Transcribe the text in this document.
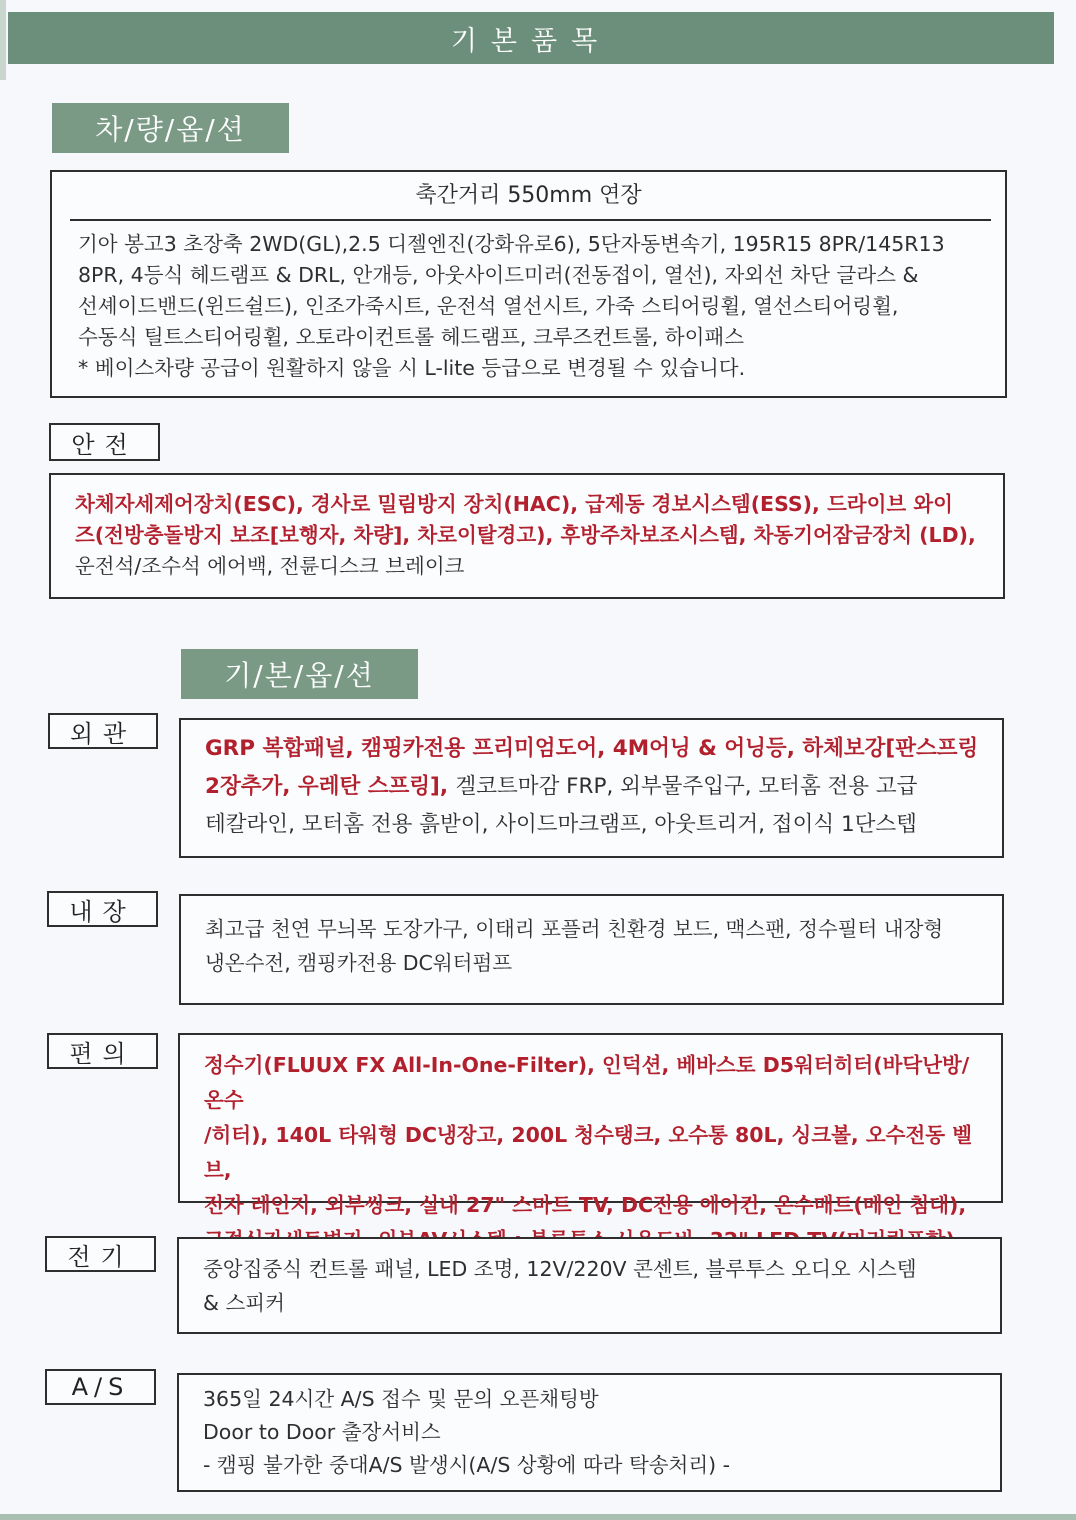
기본품목
차/량/옵/션
축간거리 550mm 연장
기아 봉고3 초장축 2WD(GL),2.5 디젤엔진(강화유로6), 5단자동변속기, 195R15 8PR/145R13
8PR, 4등식 헤드램프 & DRL, 안개등, 아웃사이드미러(전동접이, 열선), 자외선 차단 글라스 &
선셰이드밴드(윈드쉴드), 인조가죽시트, 운전석 열선시트, 가죽 스티어링휠, 열선스티어링휠,
수동식 틸트스티어링휠, 오토라이컨트롤 헤드램프, 크루즈컨트롤, 하이패스
* 베이스차량 공급이 원활하지 않을 시 L-lite 등급으로 변경될 수 있습니다.
안전
차체자세제어장치(ESC), 경사로 밀림방지 장치(HAC), 급제동 경보시스템(ESS), 드라이브 와이
즈(전방충돌방지 보조[보행자, 차량], 차로이탈경고), 후방주차보조시스템, 차동기어잠금장치 (LD),
운전석/조수석 에어백, 전륜디스크 브레이크
기/본/옵/션
외관
GRP 복합패널, 캠핑카전용 프리미엄도어, 4M어닝 & 어닝등, 하체보강[판스프링
2장추가, 우레탄 스프링], 겔코트마감 FRP, 외부물주입구, 모터홈 전용 고급
테칼라인, 모터홈 전용 흙받이, 사이드마크램프, 아웃트리거, 접이식 1단스텝
내장
최고급 천연 무늬목 도장가구, 이태리 포플러 친환경 보드, 맥스팬, 정수필터 내장형
냉온수전, 캠핑카전용 DC워터펌프
편의	정수기(FLUUX FX All-In-One-Filter), 인덕션, 베바스토 D5워터히터(바닥난방/ 온수
/히터), 140L 타워형 DC냉장고, 200L 청수탱크, 오수통 80L, 싱크볼, 오수전동 벨브,
전자 레인지, 외부씽크, 실내 27" 스마트 TV, DC전용 에어컨, 온수매트(메인 침대),
전기	중앙집중식 컨트롤 패널, LED 조명, 12V/220V 콘센트, 블루투스 오디오 시스템
& 스피커
A/S	365일 24시간 A/S 접수 및 문의 오픈채팅방
Door to Door 출장서비스
- 캠핑 불가한 중대A/S 발생시(A/S 상황에 따라 탁송처리) -
